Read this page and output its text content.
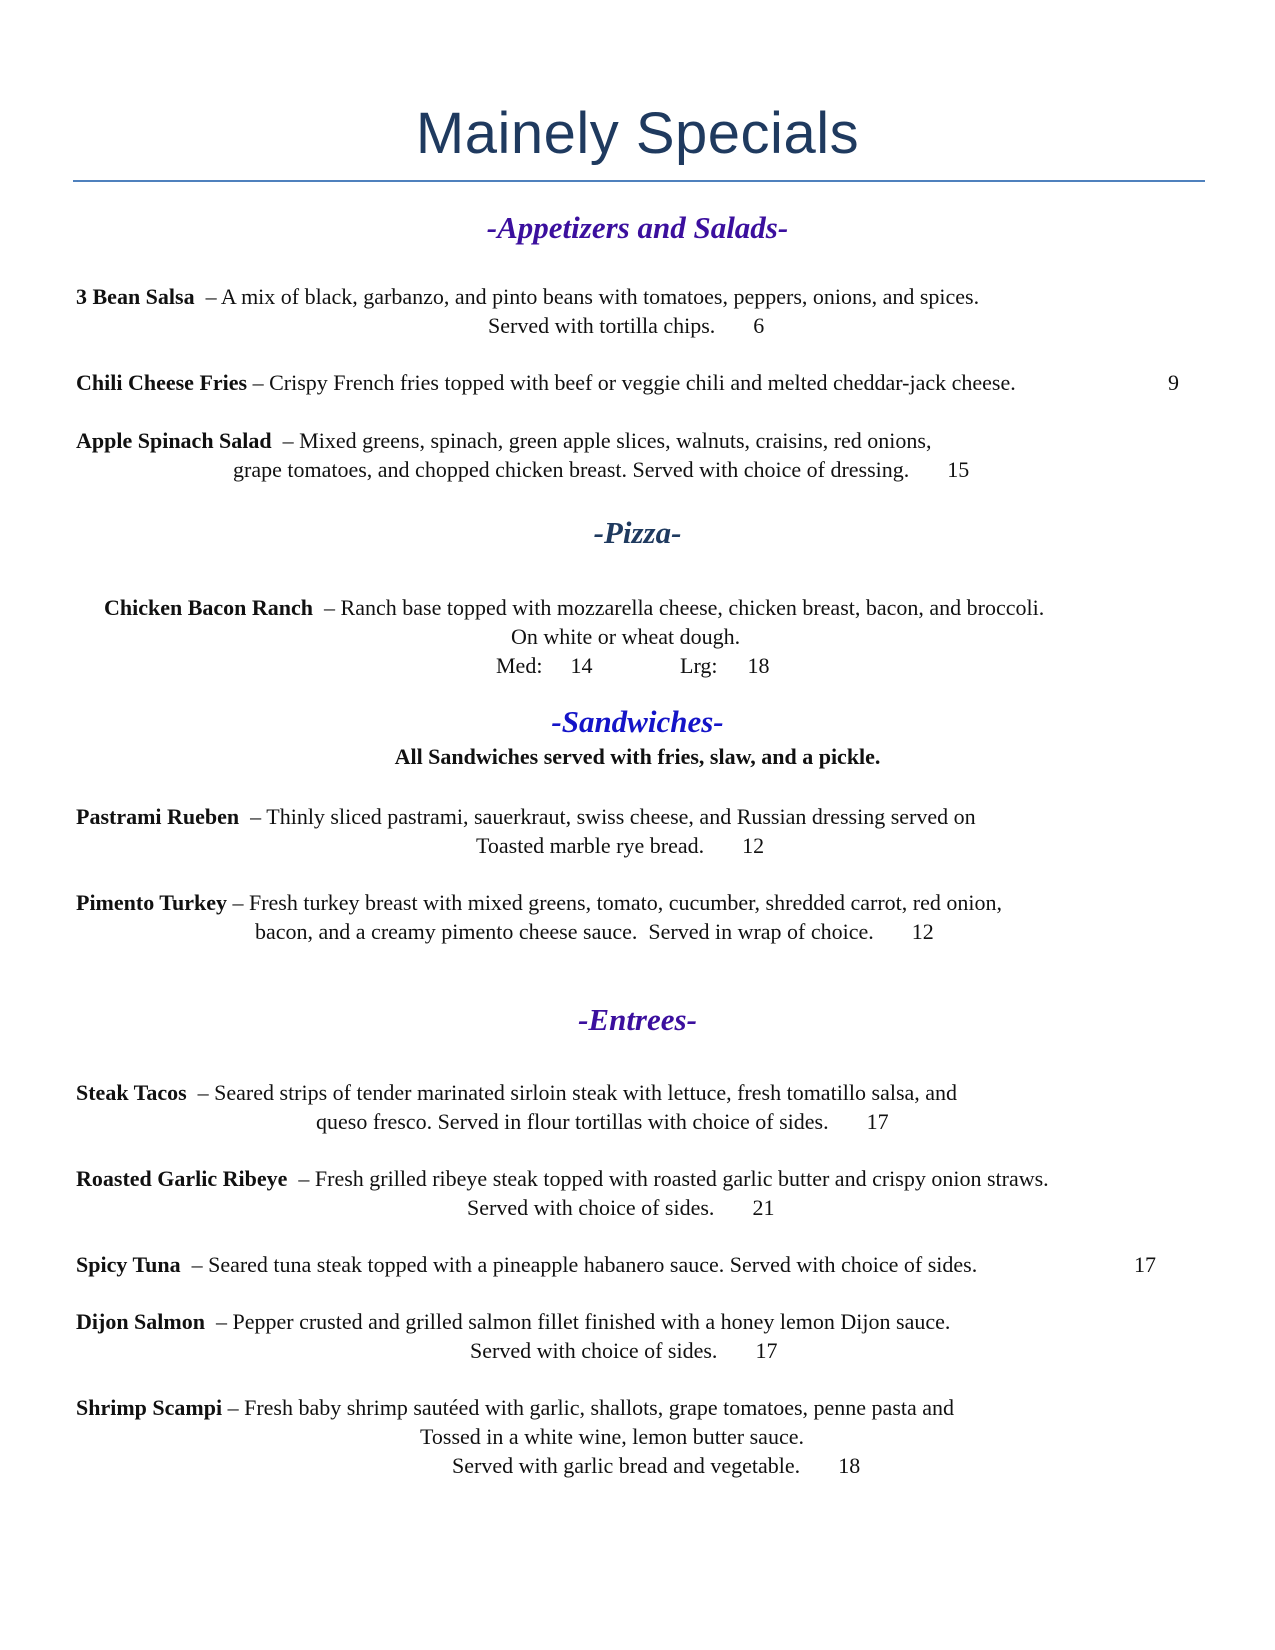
Mainely Specials
-Appetizers and Salads-
3 Bean Salsa  – A mix of black, garbanzo, and pinto beans with tomatoes, peppers, onions, and spices.
Served with tortilla chips. 6
Chili Cheese Fries – Crispy French fries topped with beef or veggie chili and melted cheddar-jack cheese.	9
Apple Spinach Salad  – Mixed greens, spinach, green apple slices, walnuts, craisins, red onions,
grape tomatoes, and chopped chicken breast. Served with choice of dressing. 15
-Pizza-
Chicken Bacon Ranch  – Ranch base topped with mozzarella cheese, chicken breast, bacon, and broccoli.
On white or wheat dough.
Med: 14	Lrg: 18
-Sandwiches-
All Sandwiches served with fries, slaw, and a pickle.
Pastrami Rueben  – Thinly sliced pastrami, sauerkraut, swiss cheese, and Russian dressing served on
Toasted marble rye bread. 12
Pimento Turkey – Fresh turkey breast with mixed greens, tomato, cucumber, shredded carrot, red onion,
bacon, and a creamy pimento cheese sauce.  Served in wrap of choice. 12
-Entrees-
Steak Tacos  – Seared strips of tender marinated sirloin steak with lettuce, fresh tomatillo salsa, and
queso fresco. Served in flour tortillas with choice of sides. 17
Roasted Garlic Ribeye  – Fresh grilled ribeye steak topped with roasted garlic butter and crispy onion straws.
Served with choice of sides. 21
Spicy Tuna  – Seared tuna steak topped with a pineapple habanero sauce. Served with choice of sides.	17
Dijon Salmon  – Pepper crusted and grilled salmon fillet finished with a honey lemon Dijon sauce.
Served with choice of sides. 17
Shrimp Scampi – Fresh baby shrimp sautéed with garlic, shallots, grape tomatoes, penne pasta and
Tossed in a white wine, lemon butter sauce.
Served with garlic bread and vegetable. 18
